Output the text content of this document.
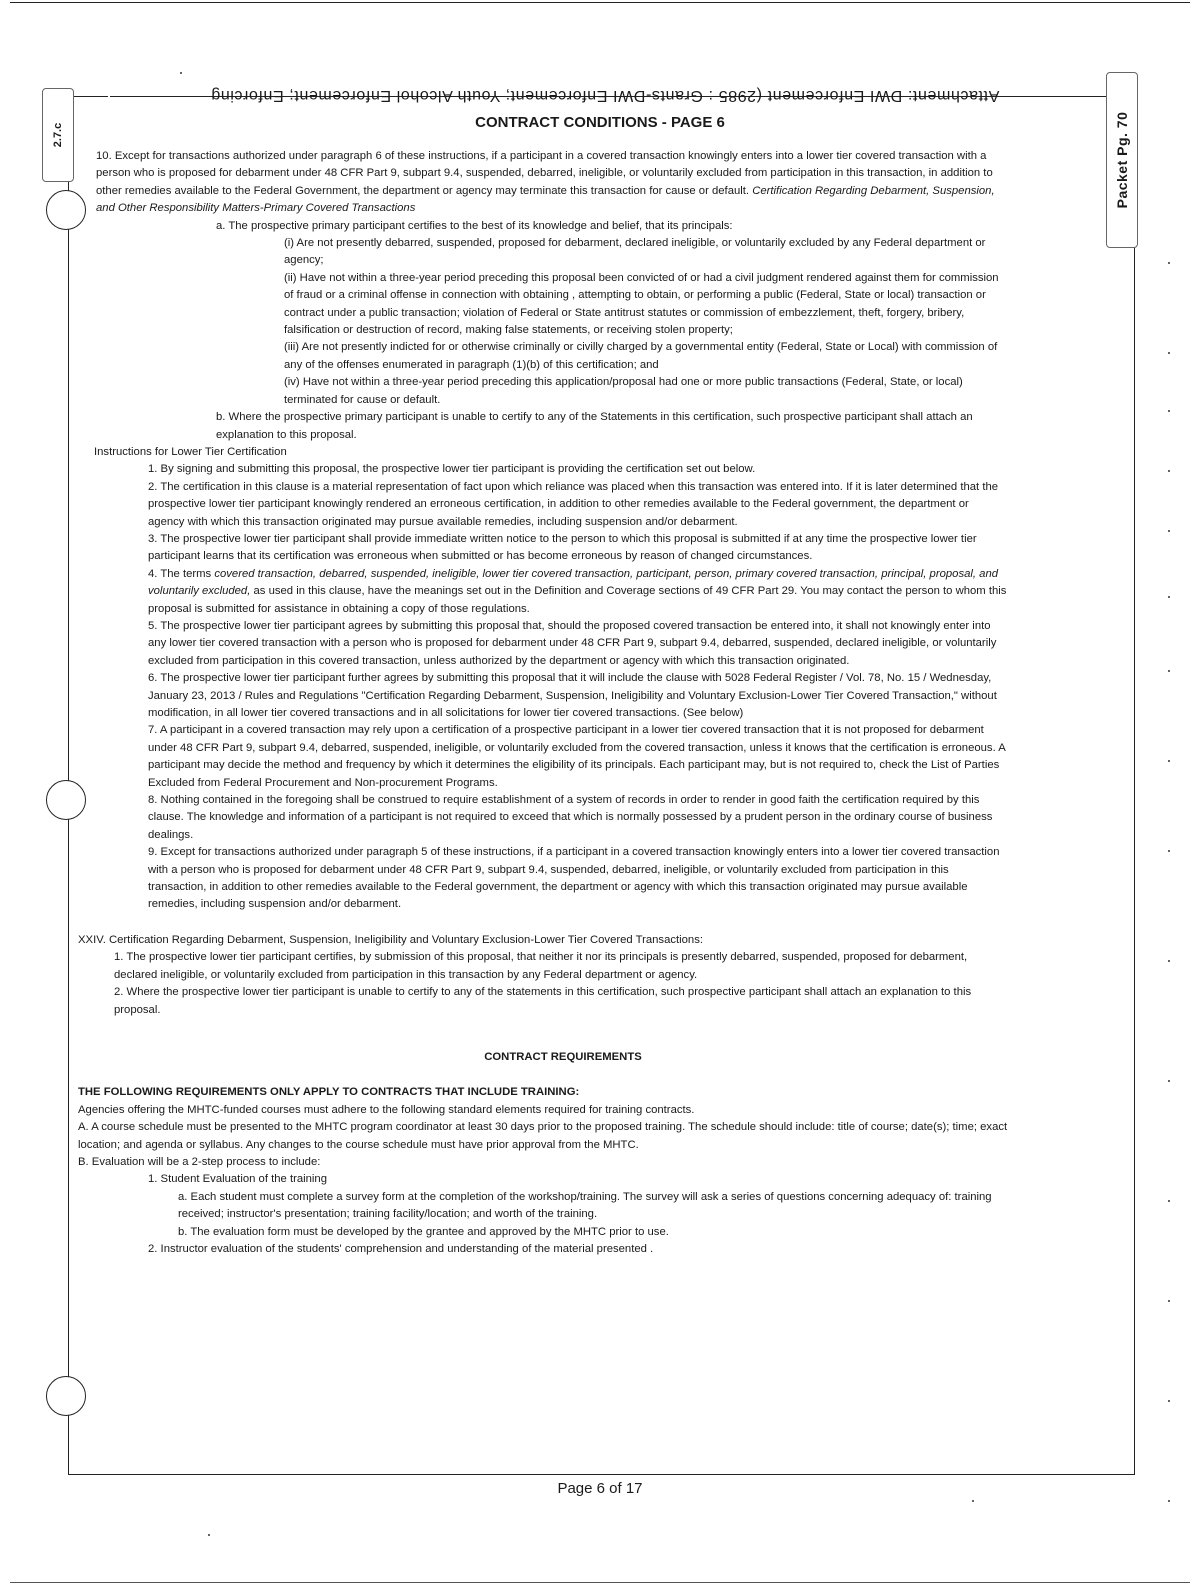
Attachment: DWI Enforcement (2985 : Grants-DWI Enforcement; Youth Alcohol Enforcement; Enforcing
CONTRACT CONDITIONS - PAGE 6
2.7.c	Packet Pg. 70

10. Except for transactions authorized under paragraph 6 of these instructions, if a participant in a covered transaction knowingly enters into a lower tier covered transaction with a person who is proposed for debarment under 48 CFR Part 9, subpart 9.4, suspended, debarred, ineligible, or voluntarily excluded from participation in this transaction, in addition to other remedies available to the Federal Government, the department or agency may terminate this transaction for cause or default. Certification Regarding Debarment, Suspension, and Other Responsibility Matters-Primary Covered Transactions

a. The prospective primary participant certifies to the best of its knowledge and belief, that its principals:

(i) Are not presently debarred, suspended, proposed for debarment, declared ineligible, or voluntarily excluded by any Federal department or agency;

(ii) Have not within a three-year period preceding this proposal been convicted of or had a civil judgment rendered against them for commission of fraud or a criminal offense in connection with obtaining , attempting to obtain, or performing a public (Federal, State or local) transaction or contract under a public transaction; violation of Federal or State antitrust statutes or commission of embezzlement, theft, forgery, bribery, falsification or destruction of record, making false statements, or receiving stolen property;

(iii) Are not presently indicted for or otherwise criminally or civilly charged by a governmental entity (Federal, State or Local) with commission of any of the offenses enumerated in paragraph (1)(b) of this certification; and

(iv) Have not within a three-year period preceding this application/proposal had one or more public transactions (Federal, State, or local) terminated for cause or default.

b. Where the prospective primary participant is unable to certify to any of the Statements in this certification, such prospective participant shall attach an explanation to this proposal.

Instructions for Lower Tier Certification

1. By signing and submitting this proposal, the prospective lower tier participant is providing the certification set out below.

2. The certification in this clause is a material representation of fact upon which reliance was placed when this transaction was entered into. If it is later determined that the prospective lower tier participant knowingly rendered an erroneous certification, in addition to other remedies available to the Federal government, the department or agency with which this transaction originated may pursue available remedies, including suspension and/or debarment.

3. The prospective lower tier participant shall provide immediate written notice to the person to which this proposal is submitted if at any time the prospective lower tier participant learns that its certification was erroneous when submitted or has become erroneous by reason of changed circumstances.

4. The terms covered transaction, debarred, suspended, ineligible, lower tier covered transaction, participant, person, primary covered transaction, principal, proposal, and voluntarily excluded, as used in this clause, have the meanings set out in the Definition and Coverage sections of 49 CFR Part 29. You may contact the person to whom this proposal is submitted for assistance in obtaining a copy of those regulations.

5. The prospective lower tier participant agrees by submitting this proposal that, should the proposed covered transaction be entered into, it shall not knowingly enter into any lower tier covered transaction with a person who is proposed for debarment under 48 CFR Part 9, subpart 9.4, debarred, suspended, declared ineligible, or voluntarily excluded from participation in this covered transaction, unless authorized by the department or agency with which this transaction originated.

6. The prospective lower tier participant further agrees by submitting this proposal that it will include the clause with 5028 Federal Register / Vol. 78, No. 15 / Wednesday, January 23, 2013 / Rules and Regulations "Certification Regarding Debarment, Suspension, Ineligibility and Voluntary Exclusion-Lower Tier Covered Transaction," without modification, in all lower tier covered transactions and in all solicitations for lower tier covered transactions. (See below)

7. A participant in a covered transaction may rely upon a certification of a prospective participant in a lower tier covered transaction that it is not proposed for debarment under 48 CFR Part 9, subpart 9.4, debarred, suspended, ineligible, or voluntarily excluded from the covered transaction, unless it knows that the certification is erroneous. A participant may decide the method and frequency by which it determines the eligibility of its principals. Each participant may, but is not required to, check the List of Parties Excluded from Federal Procurement and Non-procurement Programs.

8. Nothing contained in the foregoing shall be construed to require establishment of a system of records in order to render in good faith the certification required by this clause. The knowledge and information of a participant is not required to exceed that which is normally possessed by a prudent person in the ordinary course of business dealings.

9. Except for transactions authorized under paragraph 5 of these instructions, if a participant in a covered transaction knowingly enters into a lower tier covered transaction with a person who is proposed for debarment under 48 CFR Part 9, subpart 9.4, suspended, debarred, ineligible, or voluntarily excluded from participation in this transaction, in addition to other remedies available to the Federal government, the department or agency with which this transaction originated may pursue available remedies, including suspension and/or debarment.

XXIV. Certification Regarding Debarment, Suspension, Ineligibility and Voluntary Exclusion-Lower Tier Covered Transactions:

1. The prospective lower tier participant certifies, by submission of this proposal, that neither it nor its principals is presently debarred, suspended, proposed for debarment, declared ineligible, or voluntarily excluded from participation in this transaction by any Federal department or agency.

2. Where the prospective lower tier participant is unable to certify to any of the statements in this certification, such prospective participant shall attach an explanation to this proposal.

CONTRACT REQUIREMENTS

THE FOLLOWING REQUIREMENTS ONLY APPLY TO CONTRACTS THAT INCLUDE TRAINING:

Agencies offering the MHTC-funded courses must adhere to the following standard elements required for training contracts.

A. A course schedule must be presented to the MHTC program coordinator at least 30 days prior to the proposed training. The schedule should include: title of course; date(s); time; exact location; and agenda or syllabus. Any changes to the course schedule must have prior approval from the MHTC.

B. Evaluation will be a 2-step process to include:

1. Student Evaluation of the training

a. Each student must complete a survey form at the completion of the workshop/training. The survey will ask a series of questions concerning adequacy of: training received; instructor's presentation; training facility/location; and worth of the training.

b. The evaluation form must be developed by the grantee and approved by the MHTC prior to use.

2. Instructor evaluation of the students' comprehension and understanding of the material presented .

Page 6 of 17
